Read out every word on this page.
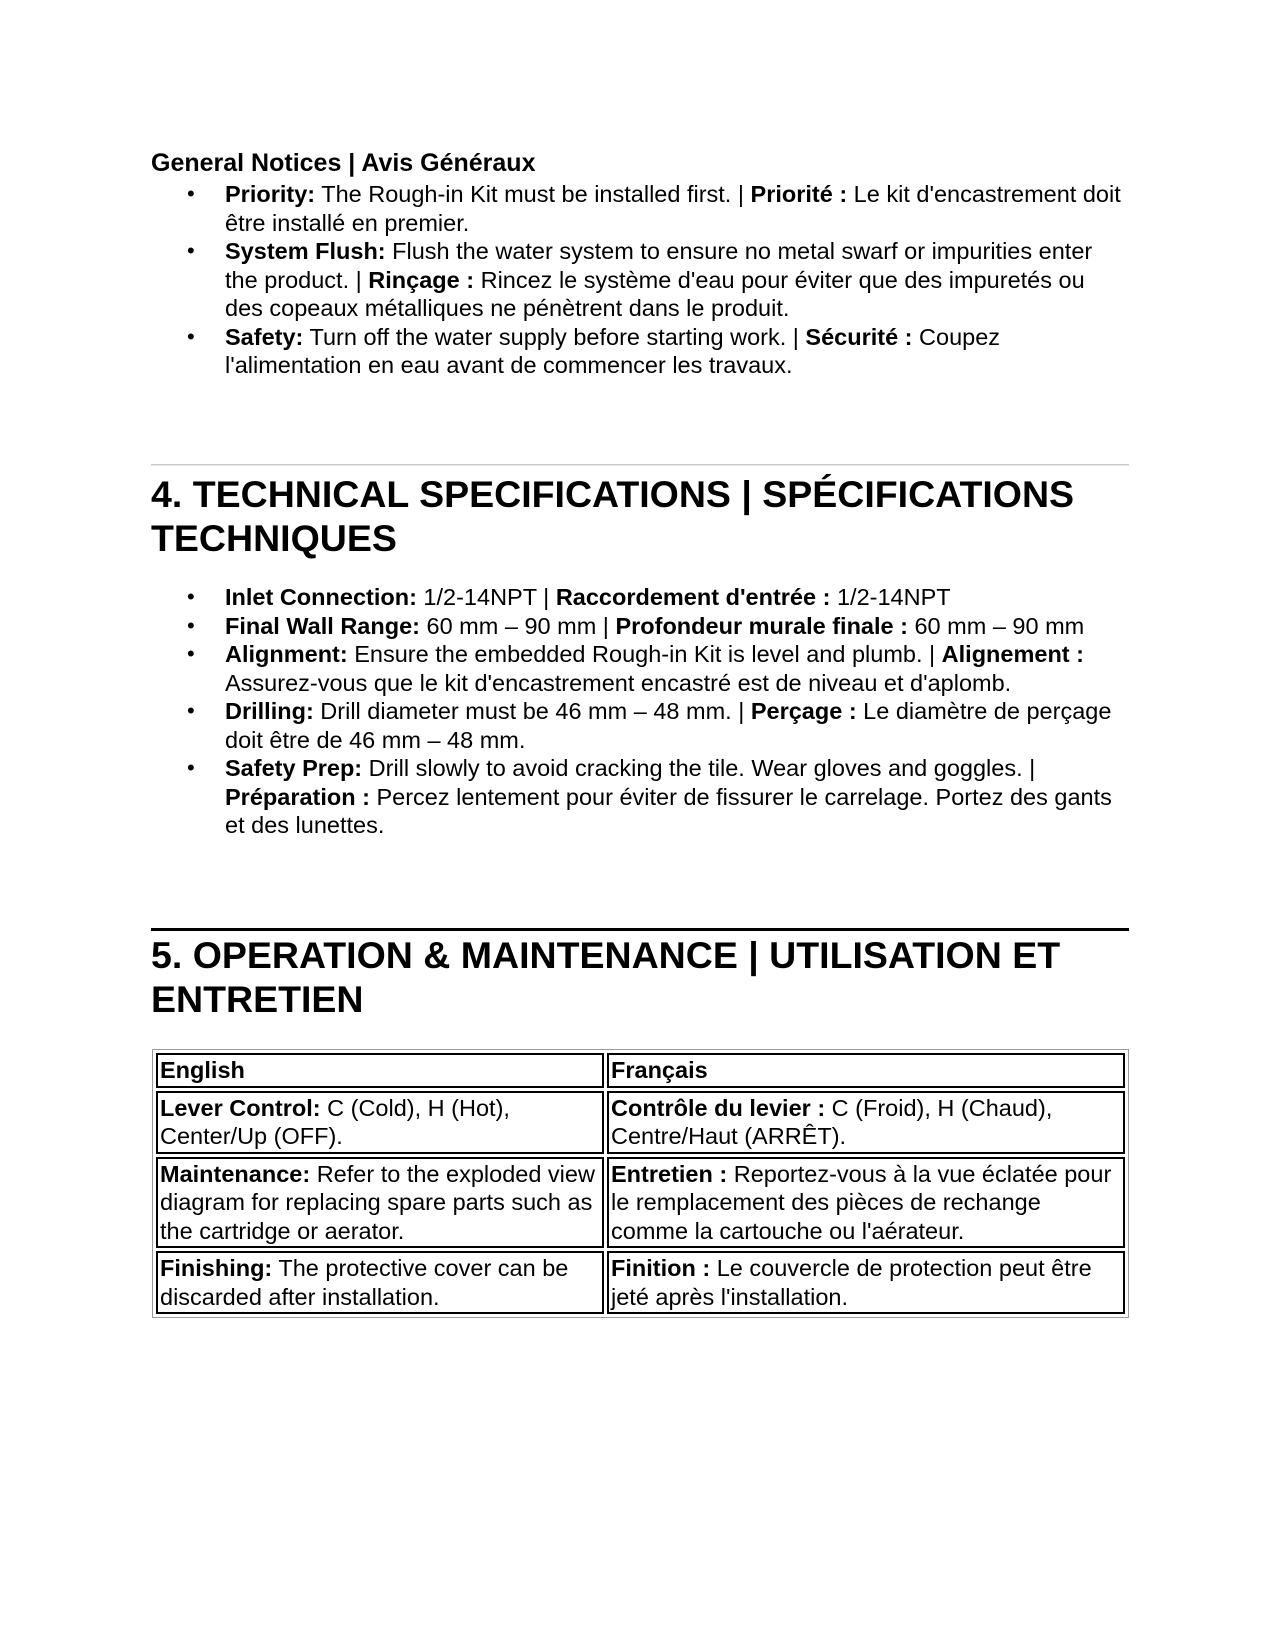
General Notices | Avis Généraux
• Priority: The Rough-in Kit must be installed first. | Priorité : Le kit d'encastrement doit être installé en premier.
• System Flush: Flush the water system to ensure no metal swarf or impurities enter the product. | Rinçage : Rincez le système d'eau pour éviter que des impuretés ou des copeaux métalliques ne pénètrent dans le produit.
• Safety: Turn off the water supply before starting work. | Sécurité : Coupez l'alimentation en eau avant de commencer les travaux.
4. TECHNICAL SPECIFICATIONS | SPÉCIFICATIONS TECHNIQUES
• Inlet Connection: 1/2-14NPT | Raccordement d'entrée : 1/2-14NPT
• Final Wall Range: 60 mm – 90 mm | Profondeur murale finale : 60 mm – 90 mm
• Alignment: Ensure the embedded Rough-in Kit is level and plumb. | Alignement : Assurez-vous que le kit d'encastrement encastré est de niveau et d'aplomb.
• Drilling: Drill diameter must be 46 mm – 48 mm. | Perçage : Le diamètre de perçage doit être de 46 mm – 48 mm.
• Safety Prep: Drill slowly to avoid cracking the tile. Wear gloves and goggles. | Préparation : Percez lentement pour éviter de fissurer le carrelage. Portez des gants et des lunettes.
5. OPERATION & MAINTENANCE | UTILISATION ET ENTRETIEN
English	Français
Lever Control: C (Cold), H (Hot), Center/Up (OFF).	Contrôle du levier : C (Froid), H (Chaud), Centre/Haut (ARRÊT).
Maintenance: Refer to the exploded view diagram for replacing spare parts such as the cartridge or aerator.	Entretien : Reportez-vous à la vue éclatée pour le remplacement des pièces de rechange comme la cartouche ou l'aérateur.
Finishing: The protective cover can be discarded after installation.	Finition : Le couvercle de protection peut être jeté après l'installation.
